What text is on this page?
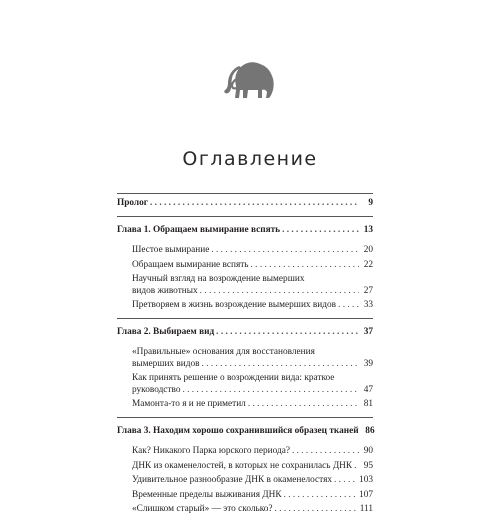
Оглавление
Пролог . . .	9
Глава 1. Обращаем вымирание вспять . . .	13
Шестое вымирание . . .	20
Обращаем вымирание вспять . . .	22
Научный взгляд на возрождение вымерших
видов животных . . .	27
Претворяем в жизнь возрождение вымерших видов . . .	33
Глава 2. Выбираем вид . . .	37
«Правильные» основания для восстановления
вымерших видов . . .	39
Как принять решение о возрождении вида: краткое
руководство . . .	47
Мамонта-то я и не приметил . . .	81
Глава 3. Находим хорошо сохранившийся образец тканей 86
Как? Никакого Парка юрского периода? . . .	90
ДНК из окаменелостей, в которых не сохранилась ДНК . . . 95
Удивительное разнообразие ДНК в окаменелостях . . .	103
Временные пределы выживания ДНК . . .	107
«Слишком старый» — это сколько? . . .	111
